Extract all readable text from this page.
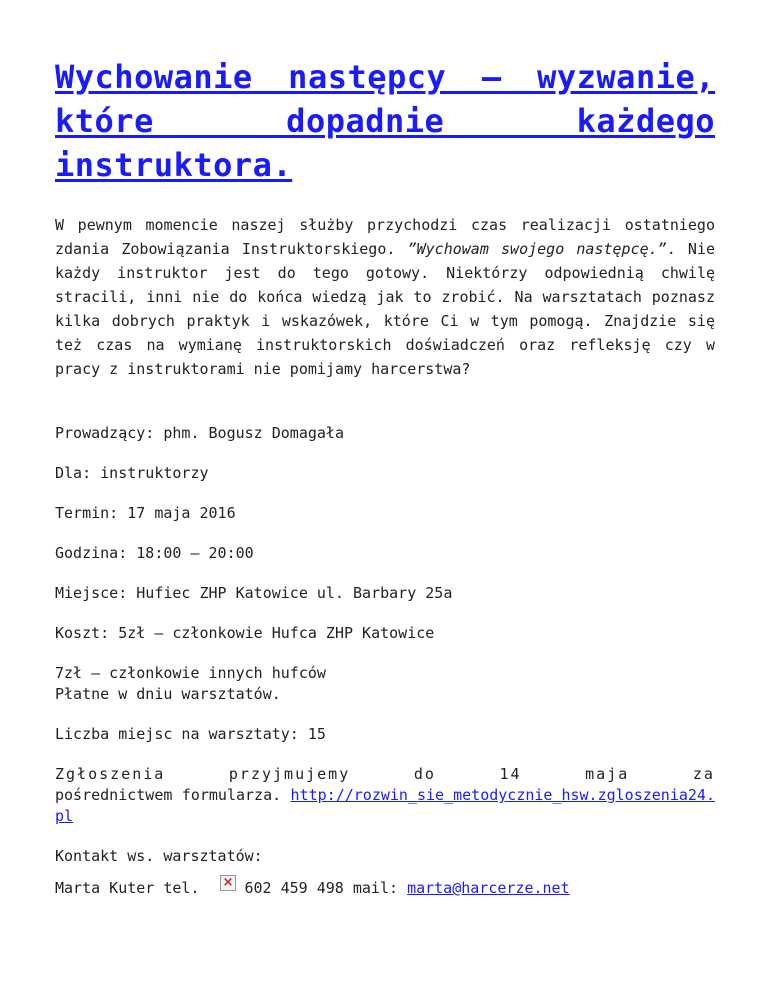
Wychowanie następcy – wyzwanie, które dopadnie każdego instruktora.

W pewnym momencie naszej służby przychodzi czas realizacji ostatniego zdania Zobowiązania Instruktorskiego. ”Wychowam swojego następcę.”. Nie każdy instruktor jest do tego gotowy. Niektórzy odpowiednią chwilę stracili, inni nie do końca wiedzą jak to zrobić. Na warsztatach poznasz kilka dobrych praktyk i wskazówek, które Ci w tym pomogą. Znajdzie się też czas na wymianę instruktorskich doświadczeń oraz refleksję czy w pracy z instruktorami nie pomijamy harcerstwa?

Prowadzący: phm. Bogusz Domagała
Dla: instruktorzy
Termin: 17 maja 2016
Godzina: 18:00 – 20:00
Miejsce: Hufiec ZHP Katowice ul. Barbary 25a
Koszt: 5zł – członkowie Hufca ZHP Katowice
7zł – członkowie innych hufców
Płatne w dniu warsztatów.
Liczba miejsc na warsztaty: 15
Zgłoszenia	przyjmujemy	do	14	maja	za
pośrednictwem formularza. http://rozwin_sie_metodycznie_hsw.zgloszenia24.pl
Kontakt ws. warsztatów:
Marta Kuter tel.
×	602 459 498 mail:
marta@harcerze.net
